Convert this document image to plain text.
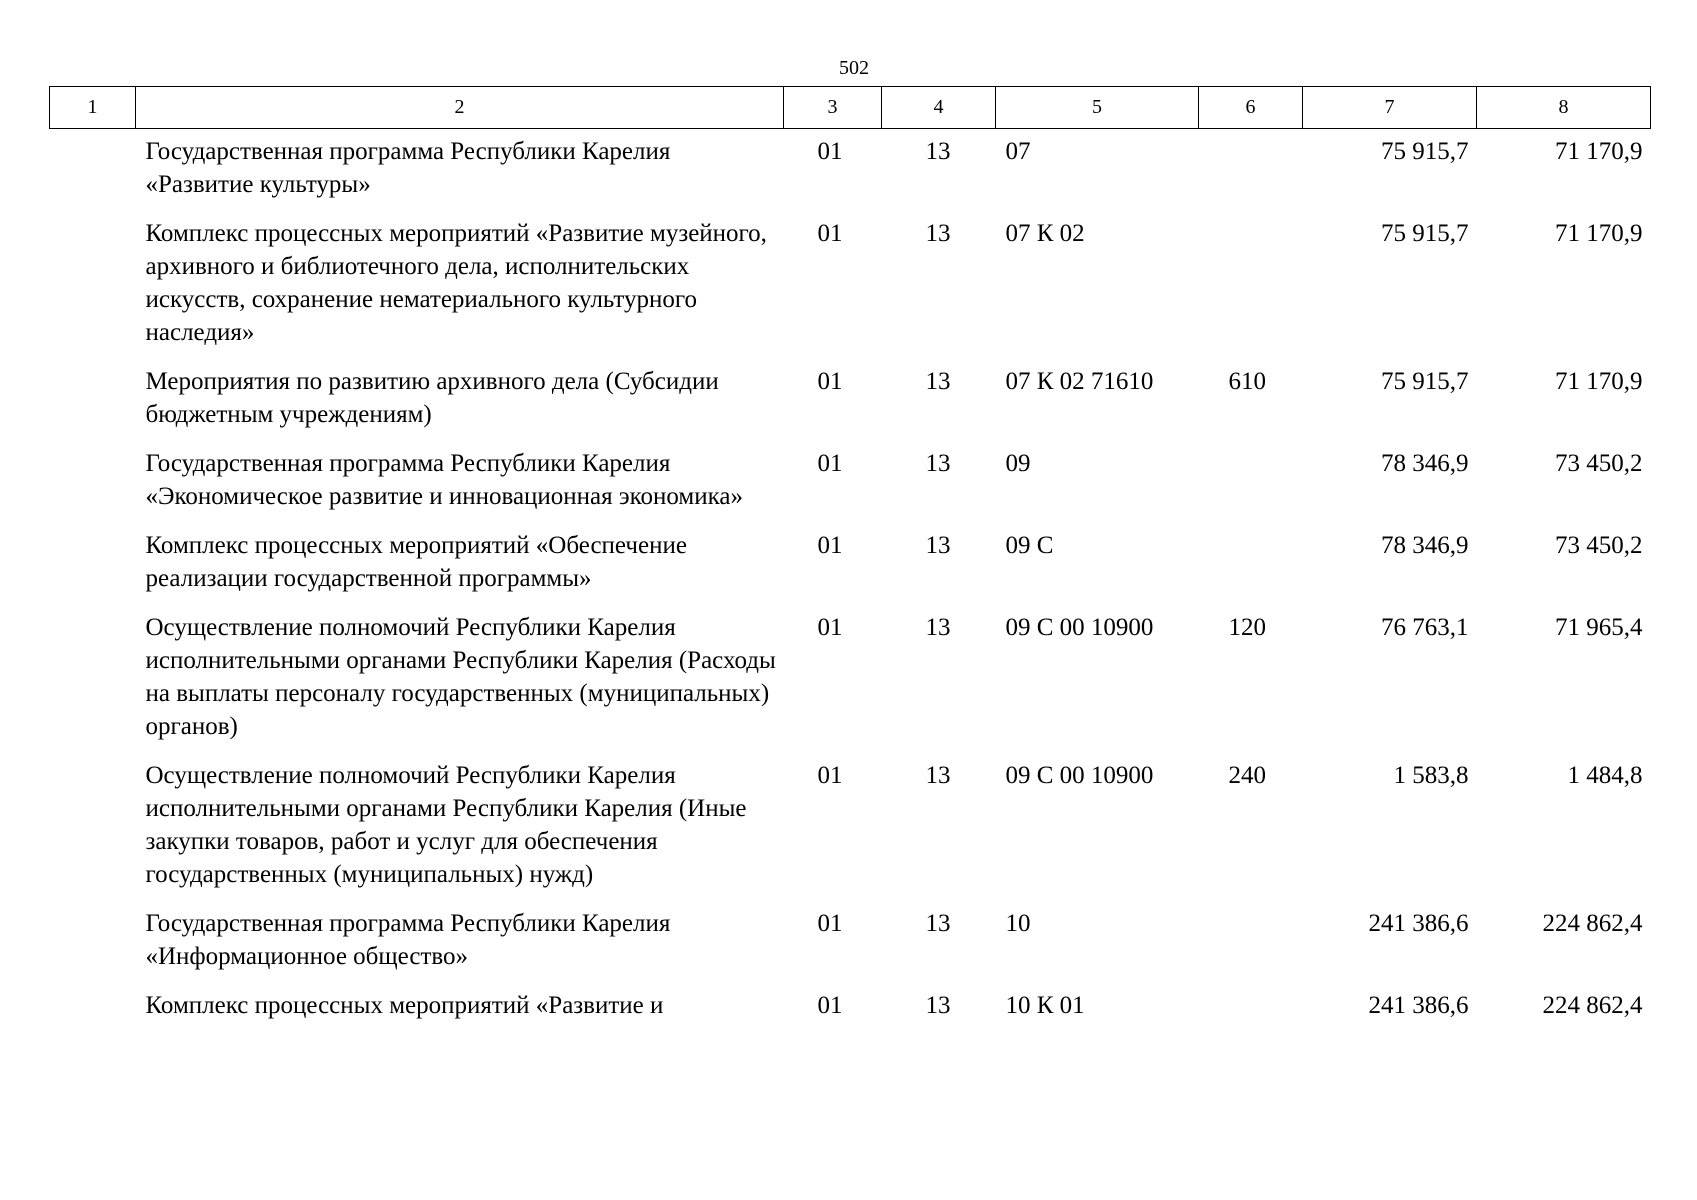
502
1	2	3	4	5	6	7	8
	Государственная программа Республики Карелия «Развитие культуры»	01	13	07		75 915,7	71 170,9
	Комплекс процессных мероприятий «Развитие музейного, архивного и библиотечного дела, исполнительских искусств, сохранение нематериального культурного наследия»	01	13	07 К 02		75 915,7	71 170,9
	Мероприятия по развитию архивного дела (Субсидии бюджетным учреждениям)	01	13	07 К 02 71610	610	75 915,7	71 170,9
	Государственная программа Республики Карелия «Экономическое развитие и инновационная экономика»	01	13	09		78 346,9	73 450,2
	Комплекс процессных мероприятий «Обеспечение реализации государственной программы»	01	13	09 С		78 346,9	73 450,2
	Осуществление полномочий Республики Карелия исполнительными органами Республики Карелия (Расходы на выплаты персоналу государственных (муниципальных) органов)	01	13	09 С 00 10900	120	76 763,1	71 965,4
	Осуществление полномочий Республики Карелия исполнительными органами Республики Карелия (Иные закупки товаров, работ и услуг для обеспечения государственных (муниципальных) нужд)	01	13	09 С 00 10900	240	1 583,8	1 484,8
	Государственная программа Республики Карелия «Информационное общество»	01	13	10		241 386,6	224 862,4
	Комплекс процессных мероприятий «Развитие и	01	13	10 К 01		241 386,6	224 862,4
